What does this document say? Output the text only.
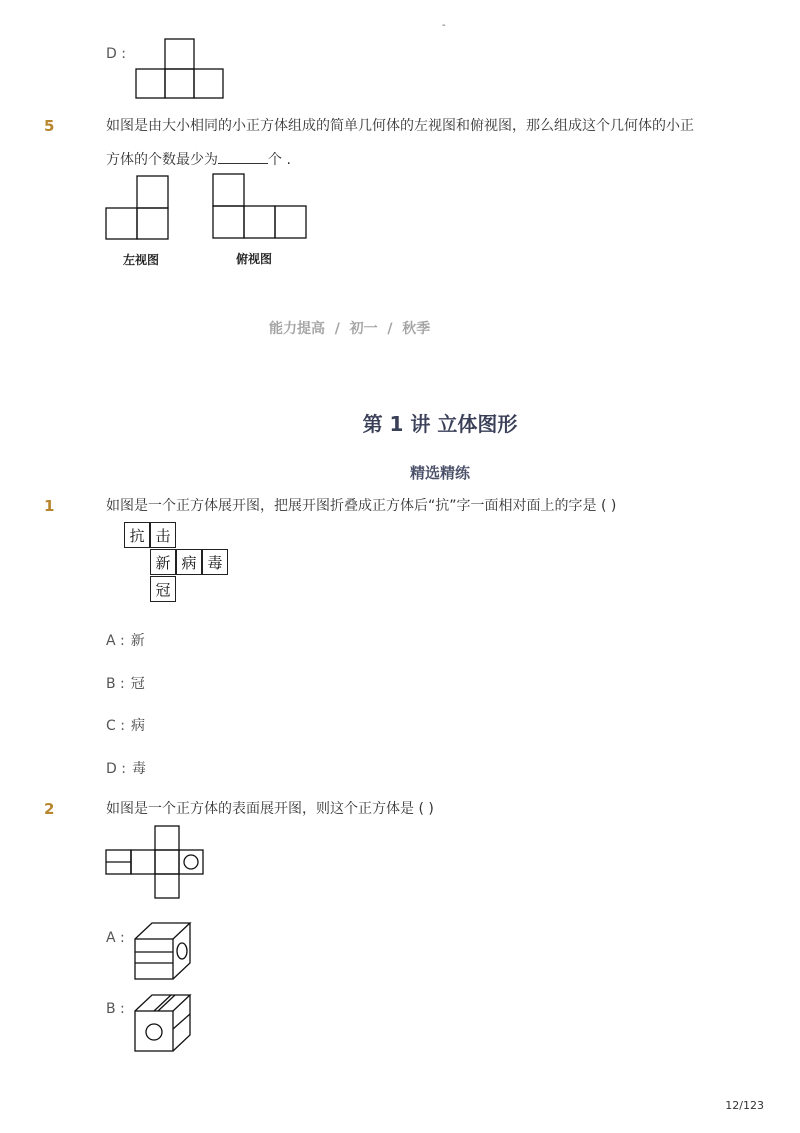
-
D :
5	如图是由大小相同的小正方体组成的简单几何体的左视图和俯视图，那么组成这个几何体的小正
方体的个数最少为	个 .
左视图	俯视图
能力提高 / 初一 / 秋季
第 1 讲 立体图形
精选精练
1	如图是一个正方体展开图，把展开图折叠成正方体后“抗”字一面相对面上的字是 ( )
抗 击
新 病 毒
冠
A : 新
B : 冠
C : 病
D : 毒
2	如图是一个正方体的表面展开图，则这个正方体是 ( )
A :
B :
12/123
